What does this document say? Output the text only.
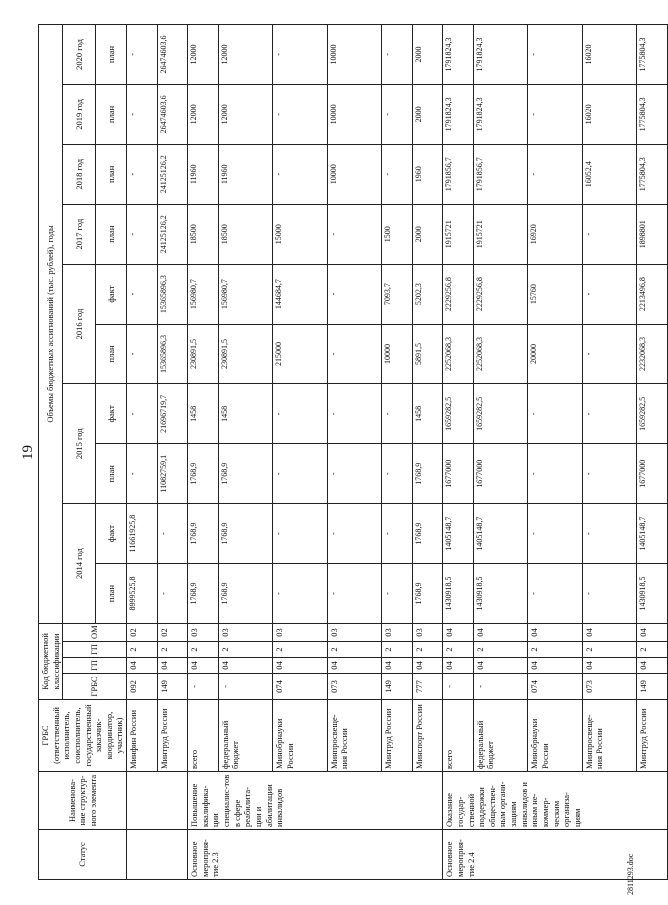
19
2811293.doc
Статус	Наименова-ние структур-ного элемента	ГРБС (ответственный исполнитель, соисполнитель, государственный заказчик-координатор, участник)	Код бюджетной классификации				Объемы бюджетных ассигнований (тыс. рублей), годы									
			ГРБС	ГП	ГП	ОМ	2014 год		2015 год		2016 год		2017 год	2018 год	2019 год	2020 год
							план	факт	план	факт	план	факт	план	план	план	план

		Минфин России	092	04	2	02	8999525,8	11661925,8	-	-	-	-	-	-	-	-
		Минтруд России	149	04	2	02	-	-	11082759,1	21696719,7	15365896,3	15365896,3	24125126,2	24125126,2	26474603,6	26474603,6
Основное мероприя-тие 2.3	Повышение квалифика-ции специалис-тов в сфере реабилита-ции и абилитации инвалидов	всего	-	04	2	03	1768,9	1768,9	1768,9	1458	230891,5	156980,7	18500	11960	12000	12000
		федеральный бюджет	-	04	2	03	1768,9	1768,9	1768,9	1458	230891,5	156980,7	18500	11960	12000	12000
		Минобрнауки России	074	04	2	03	-	-	-	-	215000	144684,7	15000	-	-	-
		Минпросвеще-ния России	073	04	2	03	-	-	-	-	-	-	-	10000	10000	10000
		Минтруд России	149	04	2	03	-	-	-	-	10000	7093,7	1500	-	-	-
		Минспорт России	777	04	2	03	1768,9	1768,9	1768,9	1458	5891,5	5202,3	2000	1960	2000	2000
Основное мероприя-тие 2.4	Оказание государ-ственной поддержки обществен-ным органи-зациям инвалидов и иным не-коммер-ческим организа-циям	всего	-	04	2	04	1430918,5	1405148,7	1677000	1659282,5	2252068,3	2229256,8	1915721	1791856,7	1791824,3	1791824,3
		федеральный бюджет	-	04	2	04	1430918,5	1405148,7	1677000	1659282,5	2252068,3	2229256,8	1915721	1791856,7	1791824,3	1791824,3
		Минобрнауки России	074	04	2	04	-	-	-	-	20000	15760	16920	-	-	-
		Минпросвеще-ния России	073	04	2	04	-	-	-	-	-	-	-	16052,4	16020	16020
		Минтруд России	149	04	2	04	1430918,5	1405148,7	1677000	1659282,5	2232068,3	2213496,8	1898801	1775804,3	1775804,3	1775804,3
